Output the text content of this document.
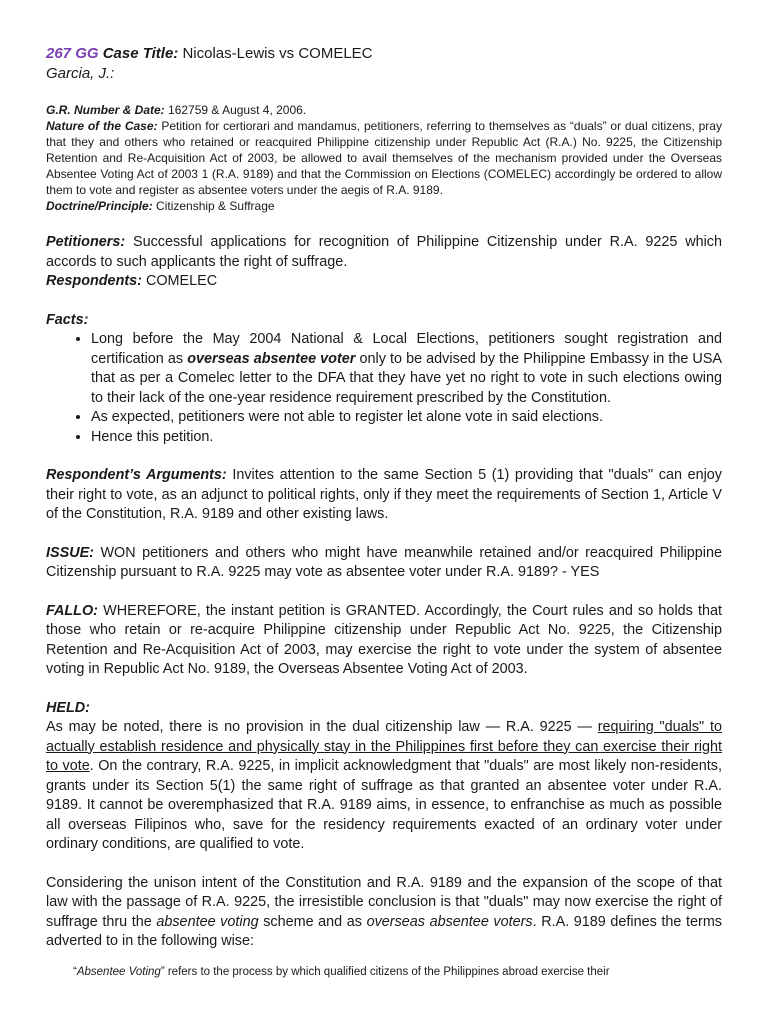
267 GG Case Title: Nicolas-Lewis vs COMELEC

Garcia, J.:

G.R. Number & Date: 162759 & August 4, 2006.

Nature of the Case: Petition for certiorari and mandamus, petitioners, referring to themselves as “duals” or dual citizens, pray that they and others who retained or reacquired Philippine citizenship under Republic Act (R.A.) No. 9225, the Citizenship Retention and Re-Acquisition Act of 2003, be allowed to avail themselves of the mechanism provided under the Overseas Absentee Voting Act of 2003 1 (R.A. 9189) and that the Commission on Elections (COMELEC) accordingly be ordered to allow them to vote and register as absentee voters under the aegis of R.A. 9189.

Doctrine/Principle: Citizenship & Suffrage

Petitioners: Successful applications for recognition of Philippine Citizenship under R.A. 9225 which accords to such applicants the right of suffrage.

Respondents: COMELEC

Facts:

• Long before the May 2004 National & Local Elections, petitioners sought registration and certification as overseas absentee voter only to be advised by the Philippine Embassy in the USA that as per a Comelec letter to the DFA that they have yet no right to vote in such elections owing to their lack of the one-year residence requirement prescribed by the Constitution.
• As expected, petitioners were not able to register let alone vote in said elections.
• Hence this petition.

Respondent’s Arguments: Invites attention to the same Section 5 (1) providing that "duals" can enjoy their right to vote, as an adjunct to political rights, only if they meet the requirements of Section 1, Article V of the Constitution, R.A. 9189 and other existing laws.

ISSUE: WON petitioners and others who might have meanwhile retained and/or reacquired Philippine Citizenship pursuant to R.A. 9225 may vote as absentee voter under R.A. 9189? - YES

FALLO: WHEREFORE, the instant petition is GRANTED. Accordingly, the Court rules and so holds that those who retain or re-acquire Philippine citizenship under Republic Act No. 9225, the Citizenship Retention and Re-Acquisition Act of 2003, may exercise the right to vote under the system of absentee voting in Republic Act No. 9189, the Overseas Absentee Voting Act of 2003.

HELD:

As may be noted, there is no provision in the dual citizenship law — R.A. 9225 — requiring "duals" to actually establish residence and physically stay in the Philippines first before they can exercise their right to vote. On the contrary, R.A. 9225, in implicit acknowledgment that "duals" are most likely non-residents, grants under its Section 5(1) the same right of suffrage as that granted an absentee voter under R.A. 9189. It cannot be overemphasized that R.A. 9189 aims, in essence, to enfranchise as much as possible all overseas Filipinos who, save for the residency requirements exacted of an ordinary voter under ordinary conditions, are qualified to vote.

Considering the unison intent of the Constitution and R.A. 9189 and the expansion of the scope of that law with the passage of R.A. 9225, the irresistible conclusion is that "duals" may now exercise the right of suffrage thru the absentee voting scheme and as overseas absentee voters. R.A. 9189 defines the terms adverted to in the following wise:

“Absentee Voting” refers to the process by which qualified citizens of the Philippines abroad exercise their
